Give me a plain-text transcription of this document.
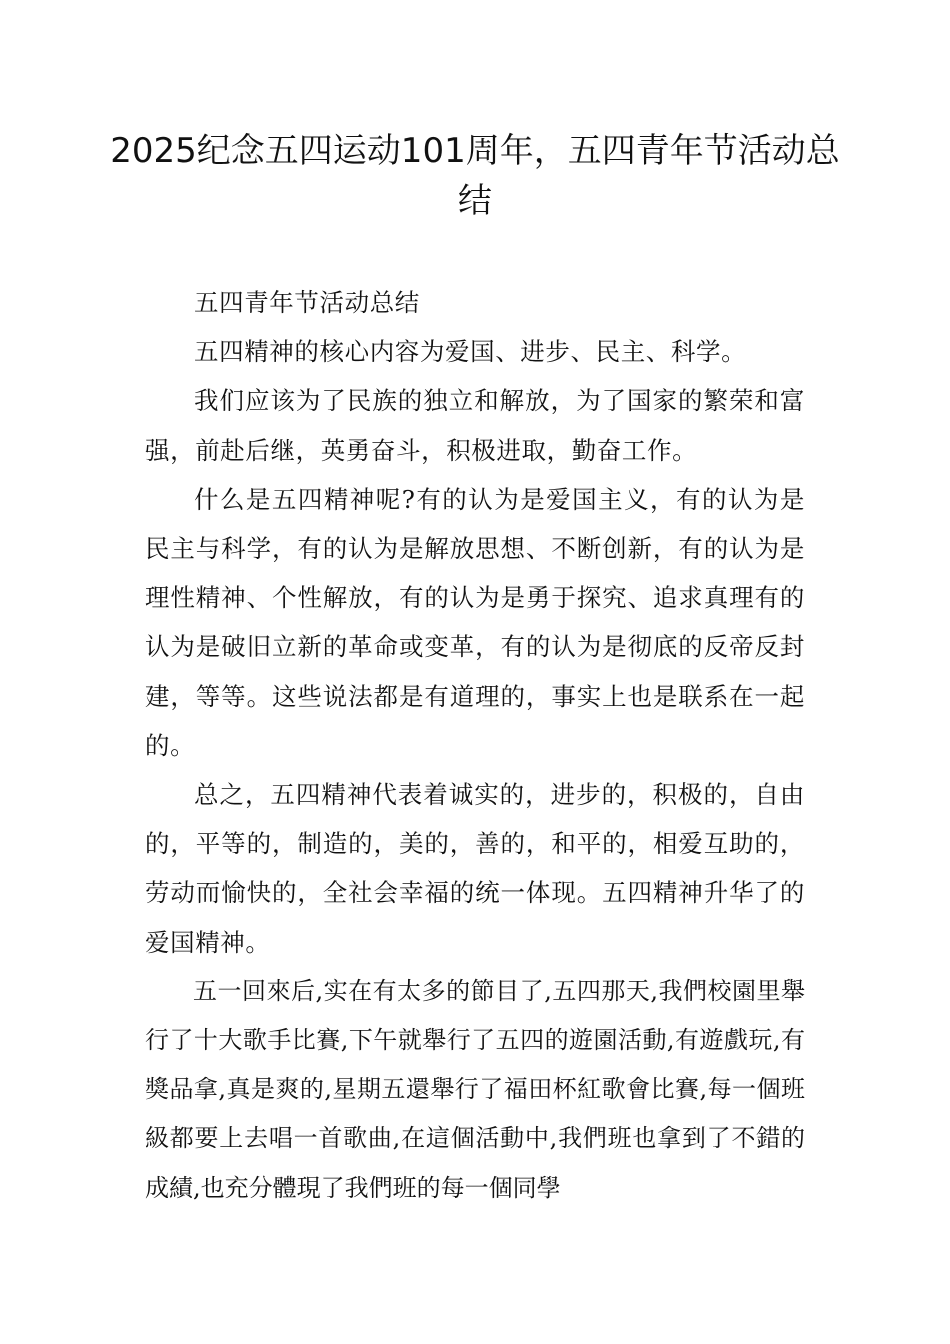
2025纪念五四运动101周年，五四青年节活动总结

五四青年节活动总结

五四精神的核心内容为爱国、进步、民主、科学。

我们应该为了民族的独立和解放，为了国家的繁荣和富强，前赴后继，英勇奋斗，积极进取，勤奋工作。

什么是五四精神呢?有的认为是爱国主义，有的认为是民主与科学，有的认为是解放思想、不断创新，有的认为是理性精神、个性解放，有的认为是勇于探究、追求真理有的认为是破旧立新的革命或变革，有的认为是彻底的反帝反封建，等等。这些说法都是有道理的，事实上也是联系在一起的。

总之，五四精神代表着诚实的，进步的，积极的，自由的，平等的，制造的，美的，善的，和平的，相爱互助的，劳动而愉快的，全社会幸福的统一体现。五四精神升华了的爱国精神。

五一回來后,实在有太多的節目了,五四那天,我們校園里舉行了十大歌手比賽,下午就舉行了五四的遊園活動,有遊戲玩,有獎品拿,真是爽的,星期五還舉行了福田杯紅歌會比賽,每一個班級都要上去唱一首歌曲,在這個活動中,我們班也拿到了不錯的成績,也充分體現了我們班的每一個同學
